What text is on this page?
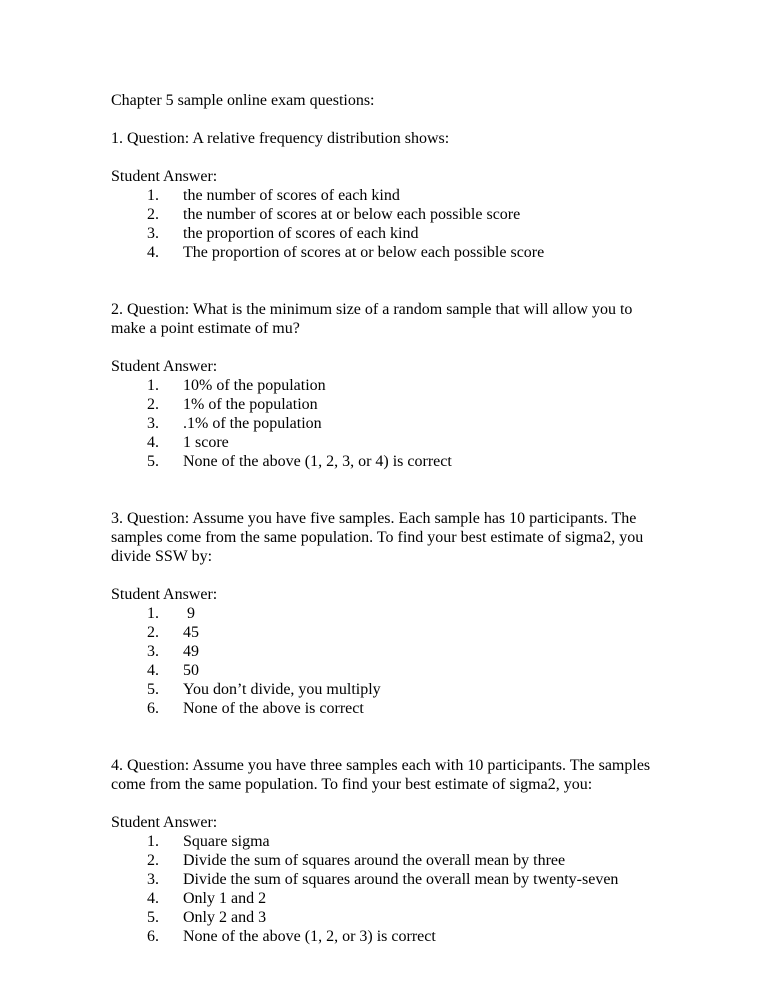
Chapter 5 sample online exam questions:
1. Question: A relative frequency distribution shows:
Student Answer:
1.	the number of scores of each kind
2.	the number of scores at or below each possible score
3.	the proportion of scores of each kind
4.	The proportion of scores at or below each possible score
2. Question: What is the minimum size of a random sample that will allow you to make a point estimate of mu?
Student Answer:
1.	10% of the population
2.	1% of the population
3.	.1% of the population
4.	1 score
5.	None of the above (1, 2, 3, or 4) is correct
3. Question: Assume you have five samples. Each sample has 10 participants. The samples come from the same population. To find your best estimate of sigma2, you divide SSW by:
Student Answer:
1.	9
2.	45
3.	49
4.	50
5.	You don’t divide, you multiply
6.	None of the above is correct
4. Question: Assume you have three samples each with 10 participants. The samples come from the same population. To find your best estimate of sigma2, you:
Student Answer:
1.	Square sigma
2.	Divide the sum of squares around the overall mean by three
3.	Divide the sum of squares around the overall mean by twenty-seven
4.	Only 1 and 2
5.	Only 2 and 3
6.	None of the above (1, 2, or 3) is correct
